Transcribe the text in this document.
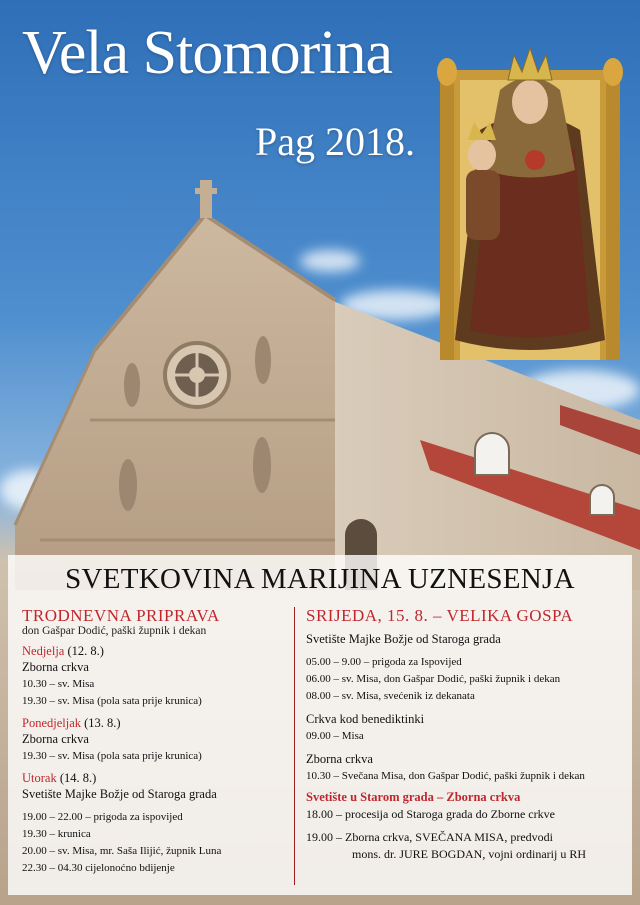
Vela Stomorina
Pag 2018.
SVETKOVINA MARIJINA UZNESENJA
TRODNEVNA PRIPRAVA
don Gašpar Dodić, paški župnik i dekan
Nedjelja (12. 8.)
Zborna crkva
10.30 – sv. Misa
19.30 – sv. Misa (pola sata prije krunica)
Ponedjeljak (13. 8.)
Zborna crkva
19.30 – sv. Misa (pola sata prije krunica)
Utorak (14. 8.)
Svetište Majke Božje od Staroga grada
19.00 – 22.00 – prigoda za ispovijed
19.30 – krunica
20.00 – sv. Misa, mr. Saša Ilijić, župnik Luna
22.30 – 04.30 cijelonoćno bdijenje
SRIJEDA, 15. 8. – VELIKA GOSPA
Svetište Majke Božje od Staroga grada
05.00 – 9.00 – prigoda za Ispovijed
06.00 – sv. Misa, don Gašpar Dodić, paški župnik i dekan
08.00 – sv. Misa, svećenik iz dekanata
Crkva kod benediktinki
09.00 – Misa
Zborna crkva
10.30 – Svečana Misa, don Gašpar Dodić, paški župnik i dekan
Svetište u Starom grada – Zborna crkva
18.00 – procesija od Staroga grada do Zborne crkve
19.00 – Zborna crkva, SVEČANA MISA, predvodi
mons. dr. JURE BOGDAN, vojni ordinarij u RH
